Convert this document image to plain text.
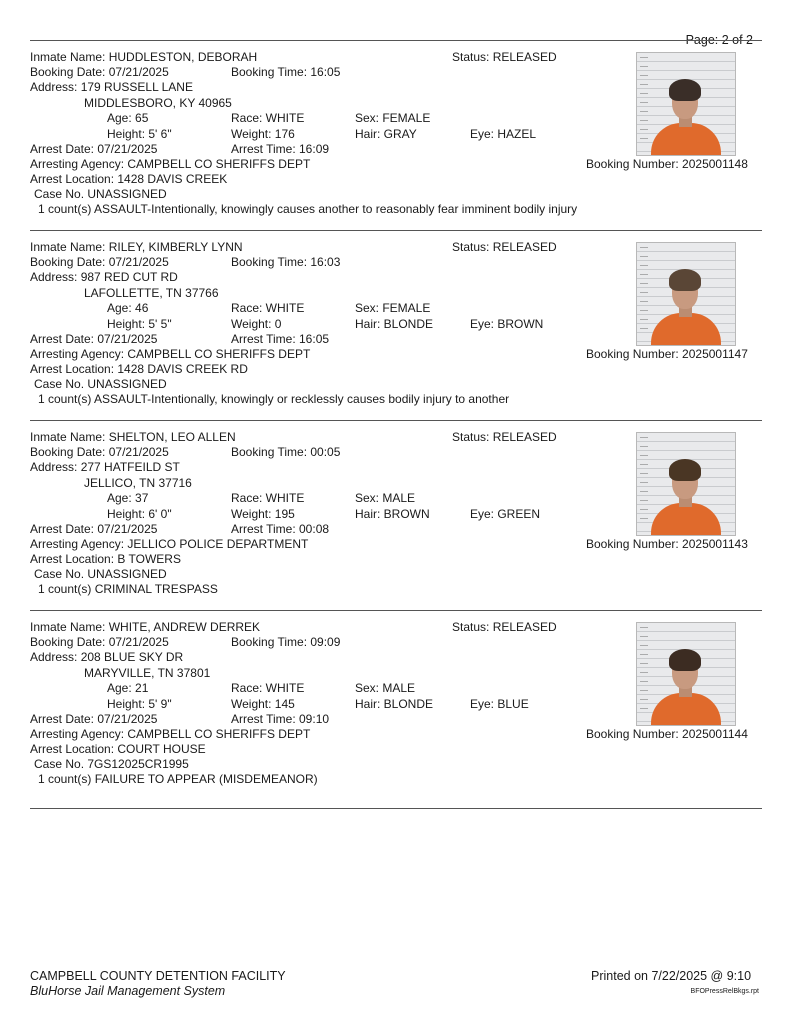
Page: 2 of 2
Inmate Name: HUDDLESTON, DEBORAH	Status: RELEASED
Booking Date: 07/21/2025	Booking Time: 16:05
Address: 179 RUSSELL LANE
MIDDLESBORO, KY 40965
Age: 65	Race: WHITE	Sex: FEMALE
Height: 5' 6"	Weight: 176	Hair: GRAY	Eye: HAZEL
Arrest Date: 07/21/2025	Arrest Time: 16:09
Arresting Agency: CAMPBELL CO SHERIFFS DEPT	Booking Number: 2025001148
Arrest Location: 1428 DAVIS CREEK
Case No. UNASSIGNED
1 count(s) ASSAULT-Intentionally, knowingly causes another to reasonably fear imminent bodily injury
Inmate Name: RILEY, KIMBERLY LYNN	Status: RELEASED
Booking Date: 07/21/2025	Booking Time: 16:03
Address: 987 RED CUT RD
LAFOLLETTE, TN 37766
Age: 46	Race: WHITE	Sex: FEMALE
Height: 5' 5"	Weight: 0	Hair: BLONDE	Eye: BROWN
Arrest Date: 07/21/2025	Arrest Time: 16:05
Arresting Agency: CAMPBELL CO SHERIFFS DEPT	Booking Number: 2025001147
Arrest Location: 1428 DAVIS CREEK RD
Case No. UNASSIGNED
1 count(s) ASSAULT-Intentionally, knowingly or recklessly causes bodily injury to another
Inmate Name: SHELTON, LEO ALLEN	Status: RELEASED
Booking Date: 07/21/2025	Booking Time: 00:05
Address: 277 HATFEILD ST
JELLICO, TN 37716
Age: 37	Race: WHITE	Sex: MALE
Height: 6' 0"	Weight: 195	Hair: BROWN	Eye: GREEN
Arrest Date: 07/21/2025	Arrest Time: 00:08
Arresting Agency: JELLICO POLICE DEPARTMENT	Booking Number: 2025001143
Arrest Location: B TOWERS
Case No. UNASSIGNED
1 count(s) CRIMINAL TRESPASS
Inmate Name: WHITE, ANDREW DERREK	Status: RELEASED
Booking Date: 07/21/2025	Booking Time: 09:09
Address: 208 BLUE SKY DR
MARYVILLE, TN 37801
Age: 21	Race: WHITE	Sex: MALE
Height: 5' 9"	Weight: 145	Hair: BLONDE	Eye: BLUE
Arrest Date: 07/21/2025	Arrest Time: 09:10
Arresting Agency: CAMPBELL CO SHERIFFS DEPT	Booking Number: 2025001144
Arrest Location: COURT HOUSE
Case No. 7GS12025CR1995
1 count(s) FAILURE TO APPEAR (MISDEMEANOR)
CAMPBELL COUNTY DETENTION FACILITY
BluHorse Jail Management System
Printed on 7/22/2025 @ 9:10
BFOPressRelBkgs.rpt
